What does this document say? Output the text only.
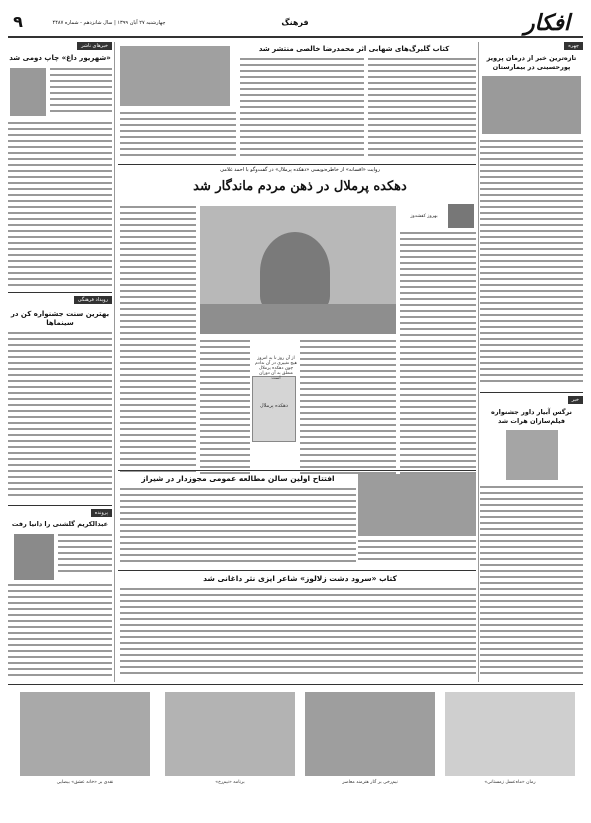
افکار
فرهنگ
چهارشنبه ۲۷ آبان ۱۳۹۹ | سال شانزدهم - شماره ۴۴۸۷
۹
خبرهای ناشر
«شهریور داغ» چاپ دومی شد
رویداد فرهنگی
بهترین سنت جشنواره کن در سینماها
پرونده
عبدالکریم گلشنی را دانیا رفت
چهره
تازه‌ترین خبر از درمان پرویز پورحسینی در بیمارستان
خبر
نرگس آبیار داور جشنواره فیلم‌سازان هرات شد
کتاب گلبرگ‌های شهابی اثر محمدرضا خالصی منتشر شد
روایت «افسانه» از خاطره‌نویسی «دهکده پرملال» در گفت‌وگو با احمد غلامی
دهکده پرملال در ذهن مردم ماندگار شد
بهروز کفشدوز
دهکده پرملال
از آن روز تا به امروز هیچ تغییری در آن ندادم چون دهکده پرملال متعلق به آن دوران است
افتتاح اولین سالن مطالعه عمومی مجوزدار در شیراز
کتاب «سرود دشت زلالوز» شاعر ایزی نثر داغانی شد
نقدی بر «خانه عشق» بیضایی	برنامه «نیم‌رخ»	نیم‌رخی بر آثار هنرمند معاصر	رمان «ماه‌عسل زمستانی»
